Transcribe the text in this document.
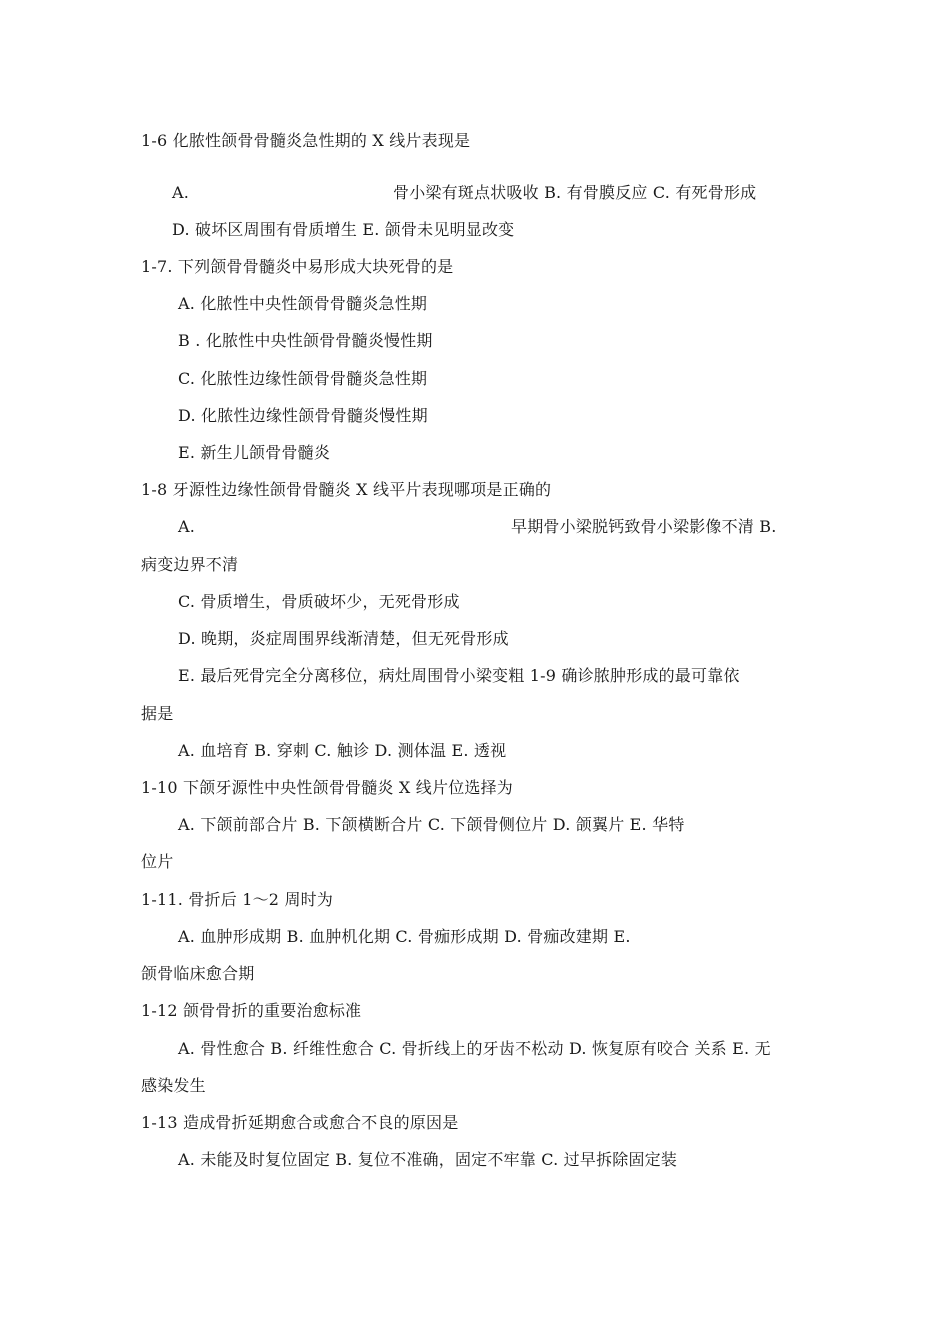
1-6 化脓性颌骨骨髓炎急性期的 X 线片表现是
A.	骨小梁有斑点状吸收 B. 有骨膜反应 C. 有死骨形成
D. 破坏区周围有骨质增生 E. 颌骨未见明显改变
1-7. 下列颌骨骨髓炎中易形成大块死骨的是
A. 化脓性中央性颌骨骨髓炎急性期
B . 化脓性中央性颌骨骨髓炎慢性期
C. 化脓性边缘性颌骨骨髓炎急性期
D. 化脓性边缘性颌骨骨髓炎慢性期
E. 新生儿颌骨骨髓炎
1-8 牙源性边缘性颌骨骨髓炎 X 线平片表现哪项是正确的
A.	早期骨小梁脱钙致骨小梁影像不清 B.
病变边界不清
C. 骨质增生，骨质破坏少，无死骨形成
D. 晚期，炎症周围界线渐清楚，但无死骨形成
E. 最后死骨完全分离移位，病灶周围骨小梁变粗 1-9 确诊脓肿形成的最可靠依
据是
A. 血培育 B. 穿刺 C. 触诊 D. 测体温 E. 透视
1-10 下颌牙源性中央性颌骨骨髓炎 X 线片位选择为
A. 下颌前部合片 B. 下颌横断合片 C. 下颌骨侧位片 D. 颌翼片 E. 华特
位片
1-11. 骨折后 1〜2 周时为
A. 血肿形成期 B. 血肿机化期 C. 骨痂形成期 D. 骨痂改建期 E.
颌骨临床愈合期
1-12 颌骨骨折的重要治愈标准
A. 骨性愈合 B. 纤维性愈合 C. 骨折线上的牙齿不松动 D. 恢复原有咬合 关系 E. 无
感染发生
1-13 造成骨折延期愈合或愈合不良的原因是
A. 未能及时复位固定 B. 复位不准确，固定不牢靠 C. 过早拆除固定装
